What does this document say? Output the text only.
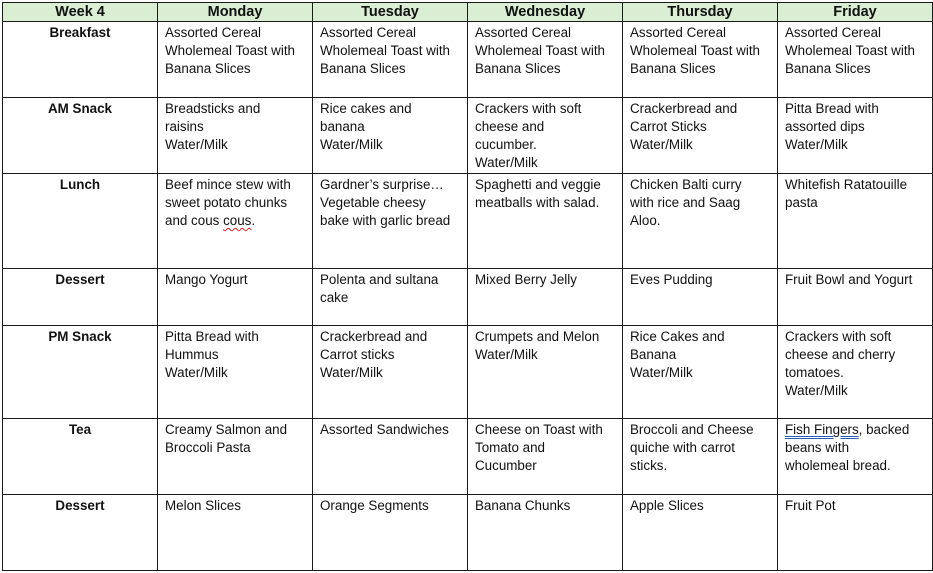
Week 4	Monday	Tuesday	Wednesday	Thursday	Friday
Breakfast	Assorted Cereal
Wholemeal Toast with
Banana Slices	Assorted Cereal
Wholemeal Toast with
Banana Slices	Assorted Cereal
Wholemeal Toast with
Banana Slices	Assorted Cereal
Wholemeal Toast with
Banana Slices	Assorted Cereal
Wholemeal Toast with
Banana Slices

AM Snack	Breadsticks and
raisins
Water/Milk	Rice cakes and
banana
Water/Milk	Crackers with soft
cheese and
cucumber.
Water/Milk	Crackerbread and
Carrot Sticks
Water/Milk	Pitta Bread with
assorted dips
Water/Milk

Lunch	Beef mince stew with
sweet potato chunks
and cous cous.	Gardner’s surprise…
Vegetable cheesy
bake with garlic bread	Spaghetti and veggie
meatballs with salad.	Chicken Balti curry
with rice and Saag
Aloo.	Whitefish Ratatouille
pasta

Dessert	Mango Yogurt	Polenta and sultana
cake	Mixed Berry Jelly	Eves Pudding	Fruit Bowl and Yogurt

PM Snack	Pitta Bread with
Hummus
Water/Milk	Crackerbread and
Carrot sticks
Water/Milk	Crumpets and Melon
Water/Milk	Rice Cakes and
Banana
Water/Milk	Crackers with soft
cheese and cherry
tomatoes.
Water/Milk

Tea	Creamy Salmon and
Broccoli Pasta	Assorted Sandwiches	Cheese on Toast with
Tomato and
Cucumber	Broccoli and Cheese
quiche with carrot
sticks.	Fish Fingers, backed
beans with
wholemeal bread.

Dessert	Melon Slices	Orange Segments	Banana Chunks	Apple Slices	Fruit Pot
